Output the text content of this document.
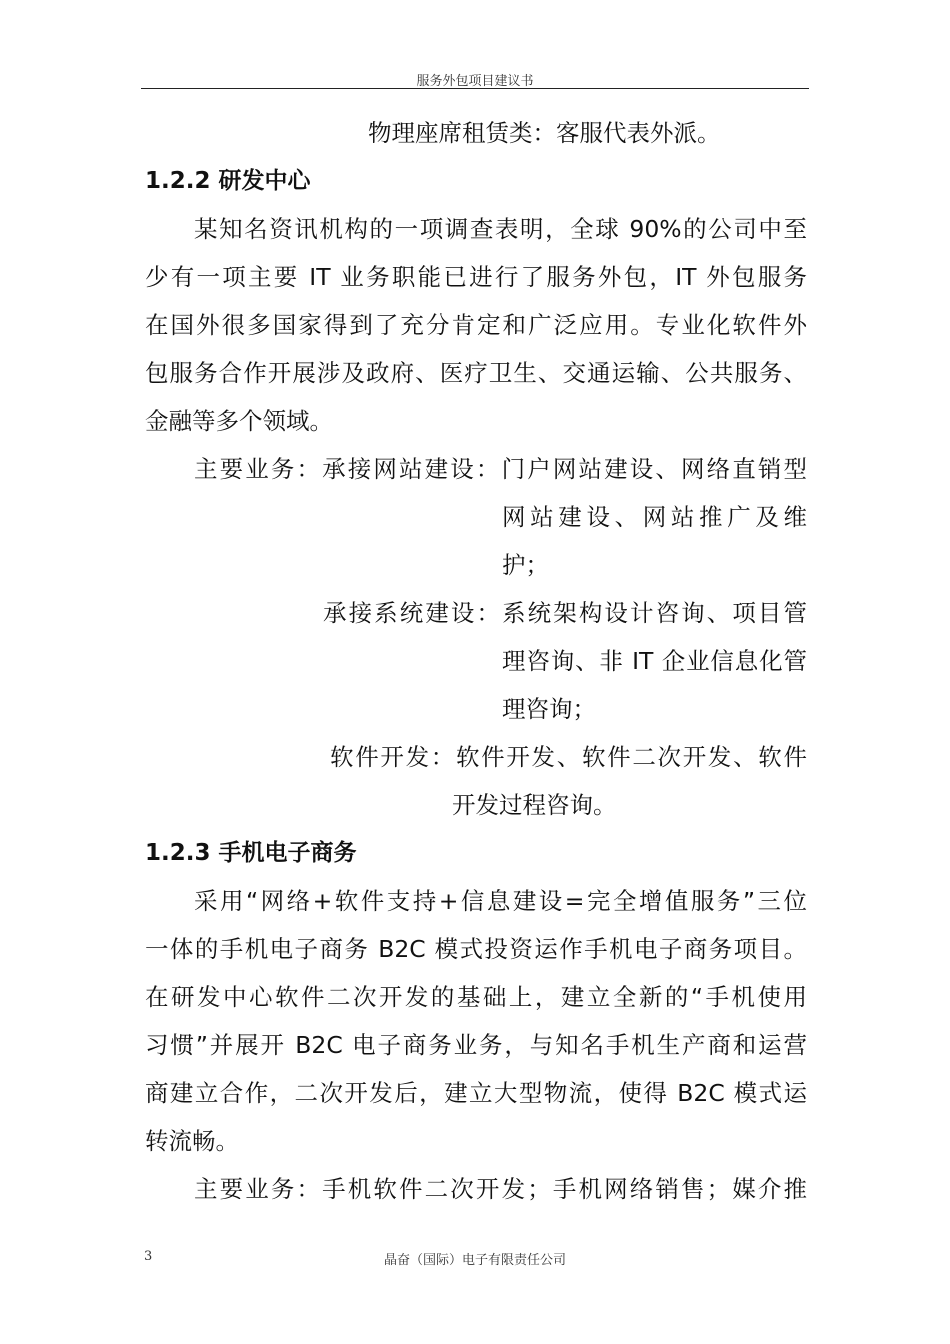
服务外包项目建议书
物理座席租赁类：客服代表外派。
1.2.2 研发中心
某知名资讯机构的一项调查表明，全球 90%的公司中至
少有一项主要 IT 业务职能已进行了服务外包，IT 外包服务
在国外很多国家得到了充分肯定和广泛应用。专业化软件外
包服务合作开展涉及政府、医疗卫生、交通运输、公共服务、
金融等多个领域。
主要业务：承接网站建设：门户网站建设、网络直销型
网站建设、网站推广及维
护；
承接系统建设：系统架构设计咨询、项目管
理咨询、非 IT 企业信息化管
理咨询；
软件开发：软件开发、软件二次开发、软件
开发过程咨询。
1.2.3 手机电子商务
采用“网络+软件支持+信息建设=完全增值服务”三位
一体的手机电子商务 B2C 模式投资运作手机电子商务项目。
在研发中心软件二次开发的基础上，建立全新的“手机使用
习惯”并展开 B2C 电子商务业务，与知名手机生产商和运营
商建立合作，二次开发后，建立大型物流，使得 B2C 模式运
转流畅。
主要业务：手机软件二次开发；手机网络销售；媒介推
3	晶奋（国际）电子有限责任公司
